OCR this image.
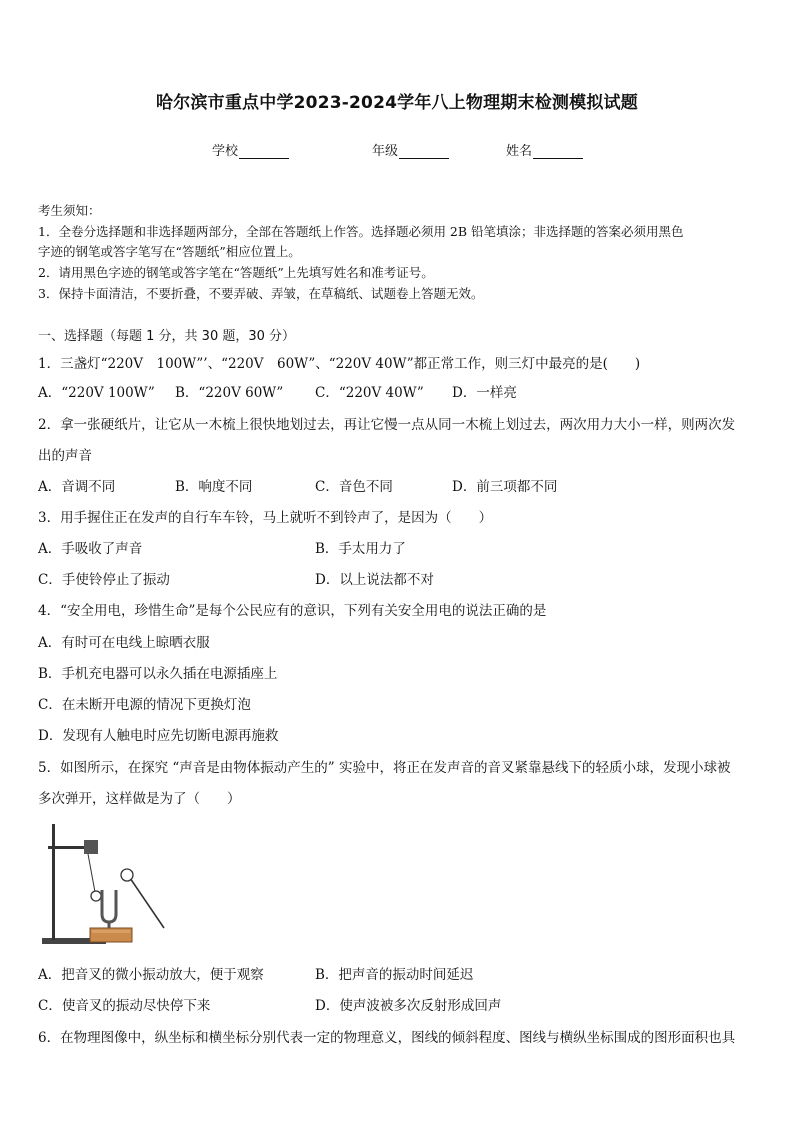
哈尔滨市重点中学2023-2024学年八上物理期末检测模拟试题
学校	年级	姓名
考生须知：
1．全卷分选择题和非选择题两部分，全部在答题纸上作答。选择题必须用 2B 铅笔填涂；非选择题的答案必须用黑色
字迹的钢笔或答字笔写在“答题纸”相应位置上。
2．请用黑色字迹的钢笔或答字笔在“答题纸”上先填写姓名和准考证号。
3．保持卡面清洁，不要折叠，不要弄破、弄皱，在草稿纸、试题卷上答题无效。
一、选择题（每题 1 分，共 30 题，30 分）
1．三盏灯“220V　100W”’、“220V　60W”、“220V 40W”都正常工作，则三灯中最亮的是(　　)
A．“220V 100W” B．“220V 60W” C．“220V 40W” D．一样亮
2．拿一张硬纸片，让它从一木梳上很快地划过去，再让它慢一点从同一木梳上划过去，两次用力大小一样，则两次发
出的声音
A．音调不同	B．响度不同	C．音色不同	D．前三项都不同
3．用手握住正在发声的自行车车铃，马上就听不到铃声了，是因为（　　）
A．手吸收了声音	B．手太用力了
C．手使铃停止了振动	D．以上说法都不对
4．“安全用电，珍惜生命”是每个公民应有的意识，下列有关安全用电的说法正确的是
A．有时可在电线上晾晒衣服
B．手机充电器可以永久插在电源插座上
C．在未断开电源的情况下更换灯泡
D．发现有人触电时应先切断电源再施救
5．如图所示，在探究 “声音是由物体振动产生的” 实验中，将正在发声音的音叉紧靠悬线下的轻质小球，发现小球被
多次弹开，这样做是为了（　　）
A．把音叉的微小振动放大，便于观察	B．把声音的振动时间延迟
C．使音叉的振动尽快停下来	D．使声波被多次反射形成回声
6．在物理图像中，纵坐标和横坐标分别代表一定的物理意义，图线的倾斜程度、图线与横纵坐标围成的图形面积也具
